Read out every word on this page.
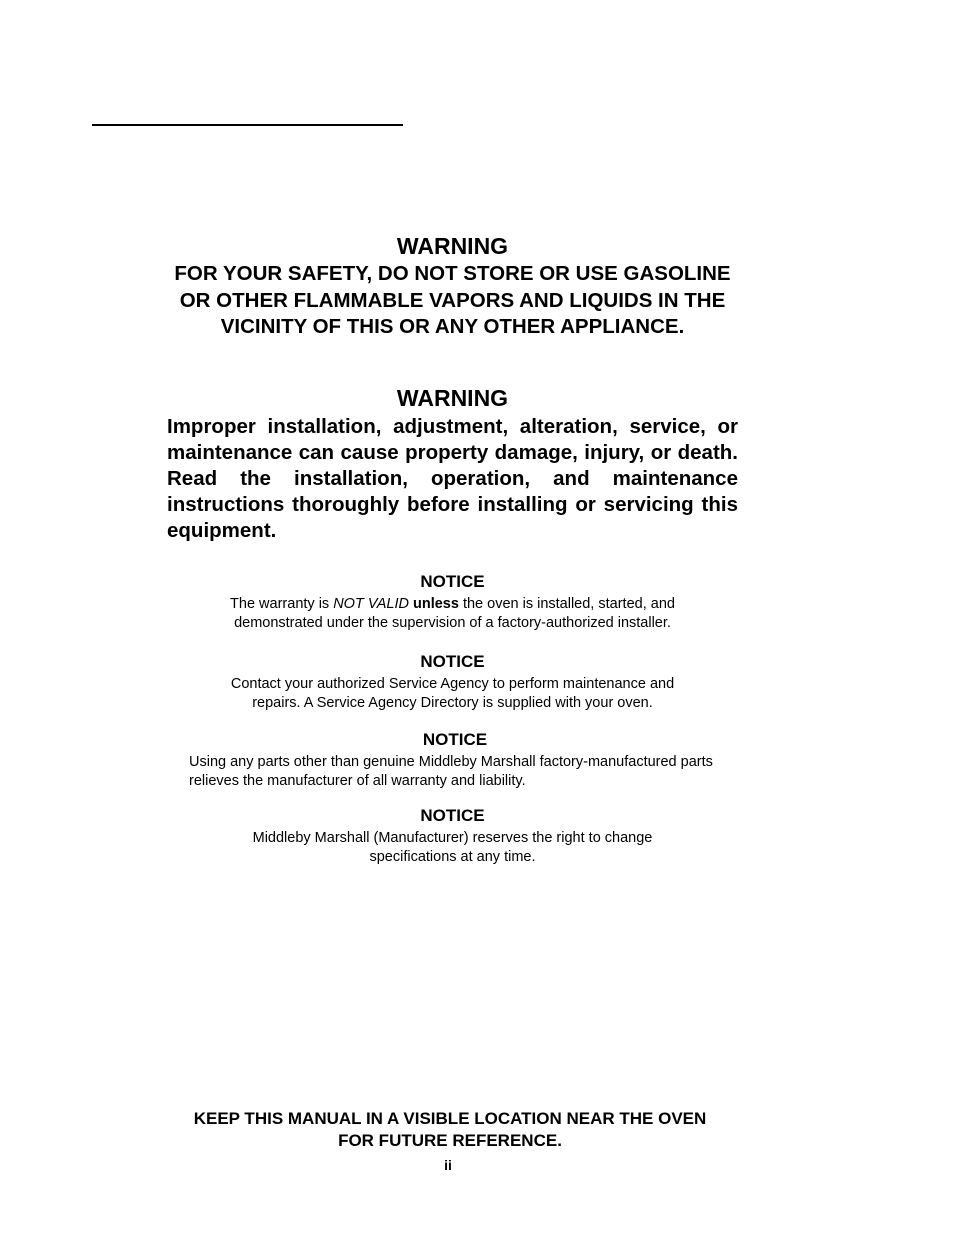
WARNING

FOR YOUR SAFETY, DO NOT STORE OR USE GASOLINE OR OTHER FLAMMABLE VAPORS AND LIQUIDS IN THE VICINITY OF THIS OR ANY OTHER APPLIANCE.

WARNING

Improper installation, adjustment, alteration, service, or maintenance can cause property damage, injury, or death. Read the installation, operation, and maintenance instructions thoroughly before installing or servicing this equipment.

NOTICE

The warranty is NOT VALID unless the oven is installed, started, and demonstrated under the supervision of a factory-authorized installer.

NOTICE

Contact your authorized Service Agency to perform maintenance and repairs. A Service Agency Directory is supplied with your oven.

NOTICE

Using any parts other than genuine Middleby Marshall factory-manufactured parts relieves the manufacturer of all warranty and liability.

NOTICE

Middleby Marshall (Manufacturer) reserves the right to change specifications at any time.

KEEP THIS MANUAL IN A VISIBLE LOCATION NEAR THE OVEN

FOR FUTURE REFERENCE.

ii
